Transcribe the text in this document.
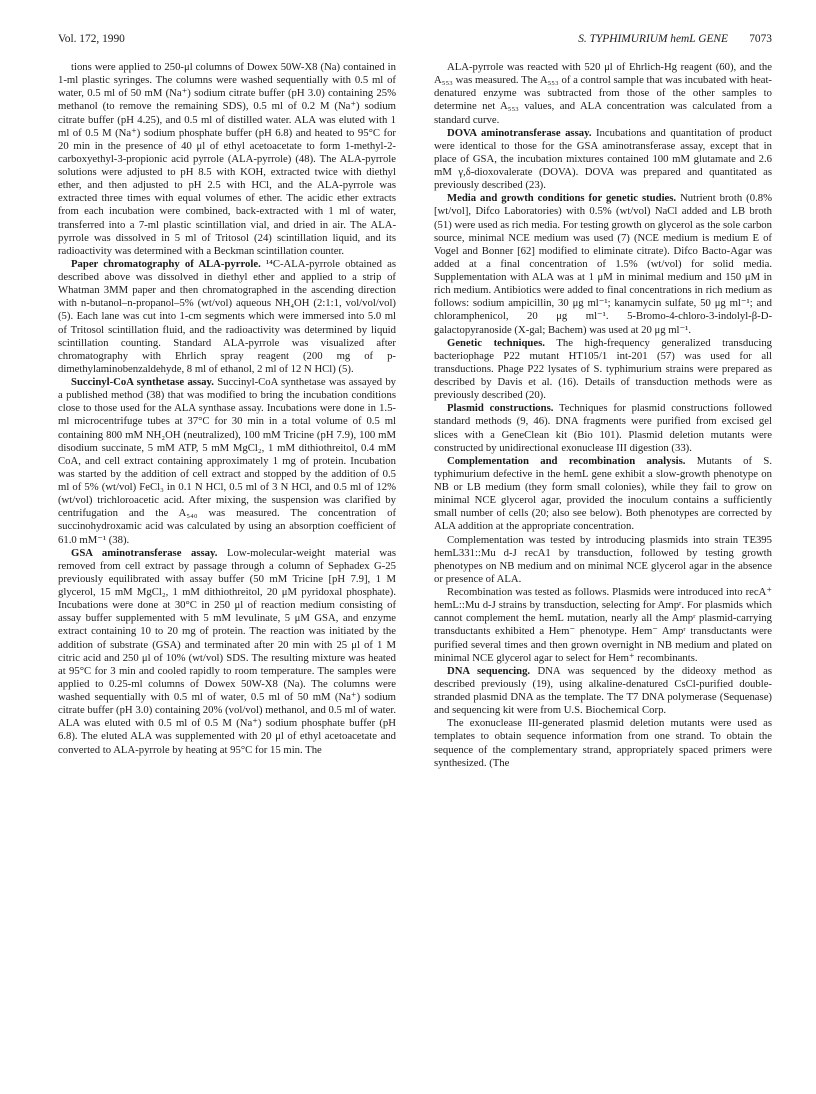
Vol. 172, 1990	S. TYPHIMURIUM hemL GENE 7073

tions were applied to 250-μl columns of Dowex 50W-X8 (Na) contained in 1-ml plastic syringes. The columns were washed sequentially with 0.5 ml of water, 0.5 ml of 50 mM (Na⁺) sodium citrate buffer (pH 3.0) containing 25% methanol (to remove the remaining SDS), 0.5 ml of 0.2 M (Na⁺) sodium citrate buffer (pH 4.25), and 0.5 ml of distilled water. ALA was eluted with 1 ml of 0.5 M (Na⁺) sodium phosphate buffer (pH 6.8) and heated to 95°C for 20 min in the presence of 40 μl of ethyl acetoacetate to form 1-methyl-2-carboxyethyl-3-propionic acid pyrrole (ALA-pyrrole) (48). The ALA-pyrrole solutions were adjusted to pH 8.5 with KOH, extracted twice with diethyl ether, and then adjusted to pH 2.5 with HCl, and the ALA-pyrrole was extracted three times with equal volumes of ether. The acidic ether extracts from each incubation were combined, back-extracted with 1 ml of water, transferred into a 7-ml plastic scintillation vial, and dried in air. The ALA-pyrrole was dissolved in 5 ml of Tritosol (24) scintillation liquid, and its radioactivity was determined with a Beckman scintillation counter.

Paper chromatography of ALA-pyrrole. ¹⁴C-ALA-pyrrole obtained as described above was dissolved in diethyl ether and applied to a strip of Whatman 3MM paper and then chromatographed in the ascending direction with n-butanol–n-propanol–5% (wt/vol) aqueous NH₄OH (2:1:1, vol/vol/vol) (5). Each lane was cut into 1-cm segments which were immersed into 5.0 ml of Tritosol scintillation fluid, and the radioactivity was determined by liquid scintillation counting. Standard ALA-pyrrole was visualized after chromatography with Ehrlich spray reagent (200 mg of p-dimethylaminobenzaldehyde, 8 ml of ethanol, 2 ml of 12 N HCl) (5).

Succinyl-CoA synthetase assay. Succinyl-CoA synthetase was assayed by a published method (38) that was modified to bring the incubation conditions close to those used for the ALA synthase assay. Incubations were done in 1.5-ml microcentrifuge tubes at 37°C for 30 min in a total volume of 0.5 ml containing 800 mM NH₂OH (neutralized), 100 mM Tricine (pH 7.9), 100 mM disodium succinate, 5 mM ATP, 5 mM MgCl₂, 1 mM dithiothreitol, 0.4 mM CoA, and cell extract containing approximately 1 mg of protein. Incubation was started by the addition of cell extract and stopped by the addition of 0.5 ml of 5% (wt/vol) FeCl₃ in 0.1 N HCl, 0.5 ml of 3 N HCl, and 0.5 ml of 12% (wt/vol) trichloroacetic acid. After mixing, the suspension was clarified by centrifugation and the A₅₄₀ was measured. The concentration of succinohydroxamic acid was calculated by using an absorption coefficient of 61.0 mM⁻¹ (38).

GSA aminotransferase assay. Low-molecular-weight material was removed from cell extract by passage through a column of Sephadex G-25 previously equilibrated with assay buffer (50 mM Tricine [pH 7.9], 1 M glycerol, 15 mM MgCl₂, 1 mM dithiothreitol, 20 μM pyridoxal phosphate). Incubations were done at 30°C in 250 μl of reaction medium consisting of assay buffer supplemented with 5 mM levulinate, 5 μM GSA, and enzyme extract containing 10 to 20 mg of protein. The reaction was initiated by the addition of substrate (GSA) and terminated after 20 min with 25 μl of 1 M citric acid and 250 μl of 10% (wt/vol) SDS. The resulting mixture was heated at 95°C for 3 min and cooled rapidly to room temperature. The samples were applied to 0.25-ml columns of Dowex 50W-X8 (Na). The columns were washed sequentially with 0.5 ml of water, 0.5 ml of 50 mM (Na⁺) sodium citrate buffer (pH 3.0) containing 20% (vol/vol) methanol, and 0.5 ml of water. ALA was eluted with 0.5 ml of 0.5 M (Na⁺) sodium phosphate buffer (pH 6.8). The eluted ALA was supplemented with 20 μl of ethyl acetoacetate and converted to ALA-pyrrole by heating at 95°C for 15 min. The

ALA-pyrrole was reacted with 520 μl of Ehrlich-Hg reagent (60), and the A₅₅₃ was measured. The A₅₅₃ of a control sample that was incubated with heat-denatured enzyme was subtracted from those of the other samples to determine net A₅₅₃ values, and ALA concentration was calculated from a standard curve.

DOVA aminotransferase assay. Incubations and quantitation of product were identical to those for the GSA aminotransferase assay, except that in place of GSA, the incubation mixtures contained 100 mM glutamate and 2.6 mM γ,δ-dioxovalerate (DOVA). DOVA was prepared and quantitated as previously described (23).

Media and growth conditions for genetic studies. Nutrient broth (0.8% [wt/vol], Difco Laboratories) with 0.5% (wt/vol) NaCl added and LB broth (51) were used as rich media. For testing growth on glycerol as the sole carbon source, minimal NCE medium was used (7) (NCE medium is medium E of Vogel and Bonner [62] modified to eliminate citrate). Difco Bacto-Agar was added at a final concentration of 1.5% (wt/vol) for solid media. Supplementation with ALA was at 1 μM in minimal medium and 150 μM in rich medium. Antibiotics were added to final concentrations in rich medium as follows: sodium ampicillin, 30 μg ml⁻¹; kanamycin sulfate, 50 μg ml⁻¹; and chloramphenicol, 20 μg ml⁻¹. 5-Bromo-4-chloro-3-indolyl-β-D-galactopyranoside (X-gal; Bachem) was used at 20 μg ml⁻¹.

Genetic techniques. The high-frequency generalized transducing bacteriophage P22 mutant HT105/1 int-201 (57) was used for all transductions. Phage P22 lysates of S. typhimurium strains were prepared as described by Davis et al. (16). Details of transduction methods were as previously described (20).

Plasmid constructions. Techniques for plasmid constructions followed standard methods (9, 46). DNA fragments were purified from excised gel slices with a GeneClean kit (Bio 101). Plasmid deletion mutants were constructed by unidirectional exonuclease III digestion (33).

Complementation and recombination analysis. Mutants of S. typhimurium defective in the hemL gene exhibit a slow-growth phenotype on NB or LB medium (they form small colonies), while they fail to grow on minimal NCE glycerol agar, provided the inoculum contains a sufficiently small number of cells (20; also see below). Both phenotypes are corrected by ALA addition at the appropriate concentration.

Complementation was tested by introducing plasmids into strain TE395 hemL331::Mu d-J recA1 by transduction, followed by testing growth phenotypes on NB medium and on minimal NCE glycerol agar in the absence or presence of ALA.

Recombination was tested as follows. Plasmids were introduced into recA⁺ hemL::Mu d-J strains by transduction, selecting for Ampʳ. For plasmids which cannot complement the hemL mutation, nearly all the Ampʳ plasmid-carrying transductants exhibited a Hem⁻ phenotype. Hem⁻ Ampʳ transductants were purified several times and then grown overnight in NB medium and plated on minimal NCE glycerol agar to select for Hem⁺ recombinants.

DNA sequencing. DNA was sequenced by the dideoxy method as described previously (19), using alkaline-denatured CsCl-purified double-stranded plasmid DNA as the template. The T7 DNA polymerase (Sequenase) and sequencing kit were from U.S. Biochemical Corp.

The exonuclease III-generated plasmid deletion mutants were used as templates to obtain sequence information from one strand. To obtain the sequence of the complementary strand, appropriately spaced primers were synthesized. (The
